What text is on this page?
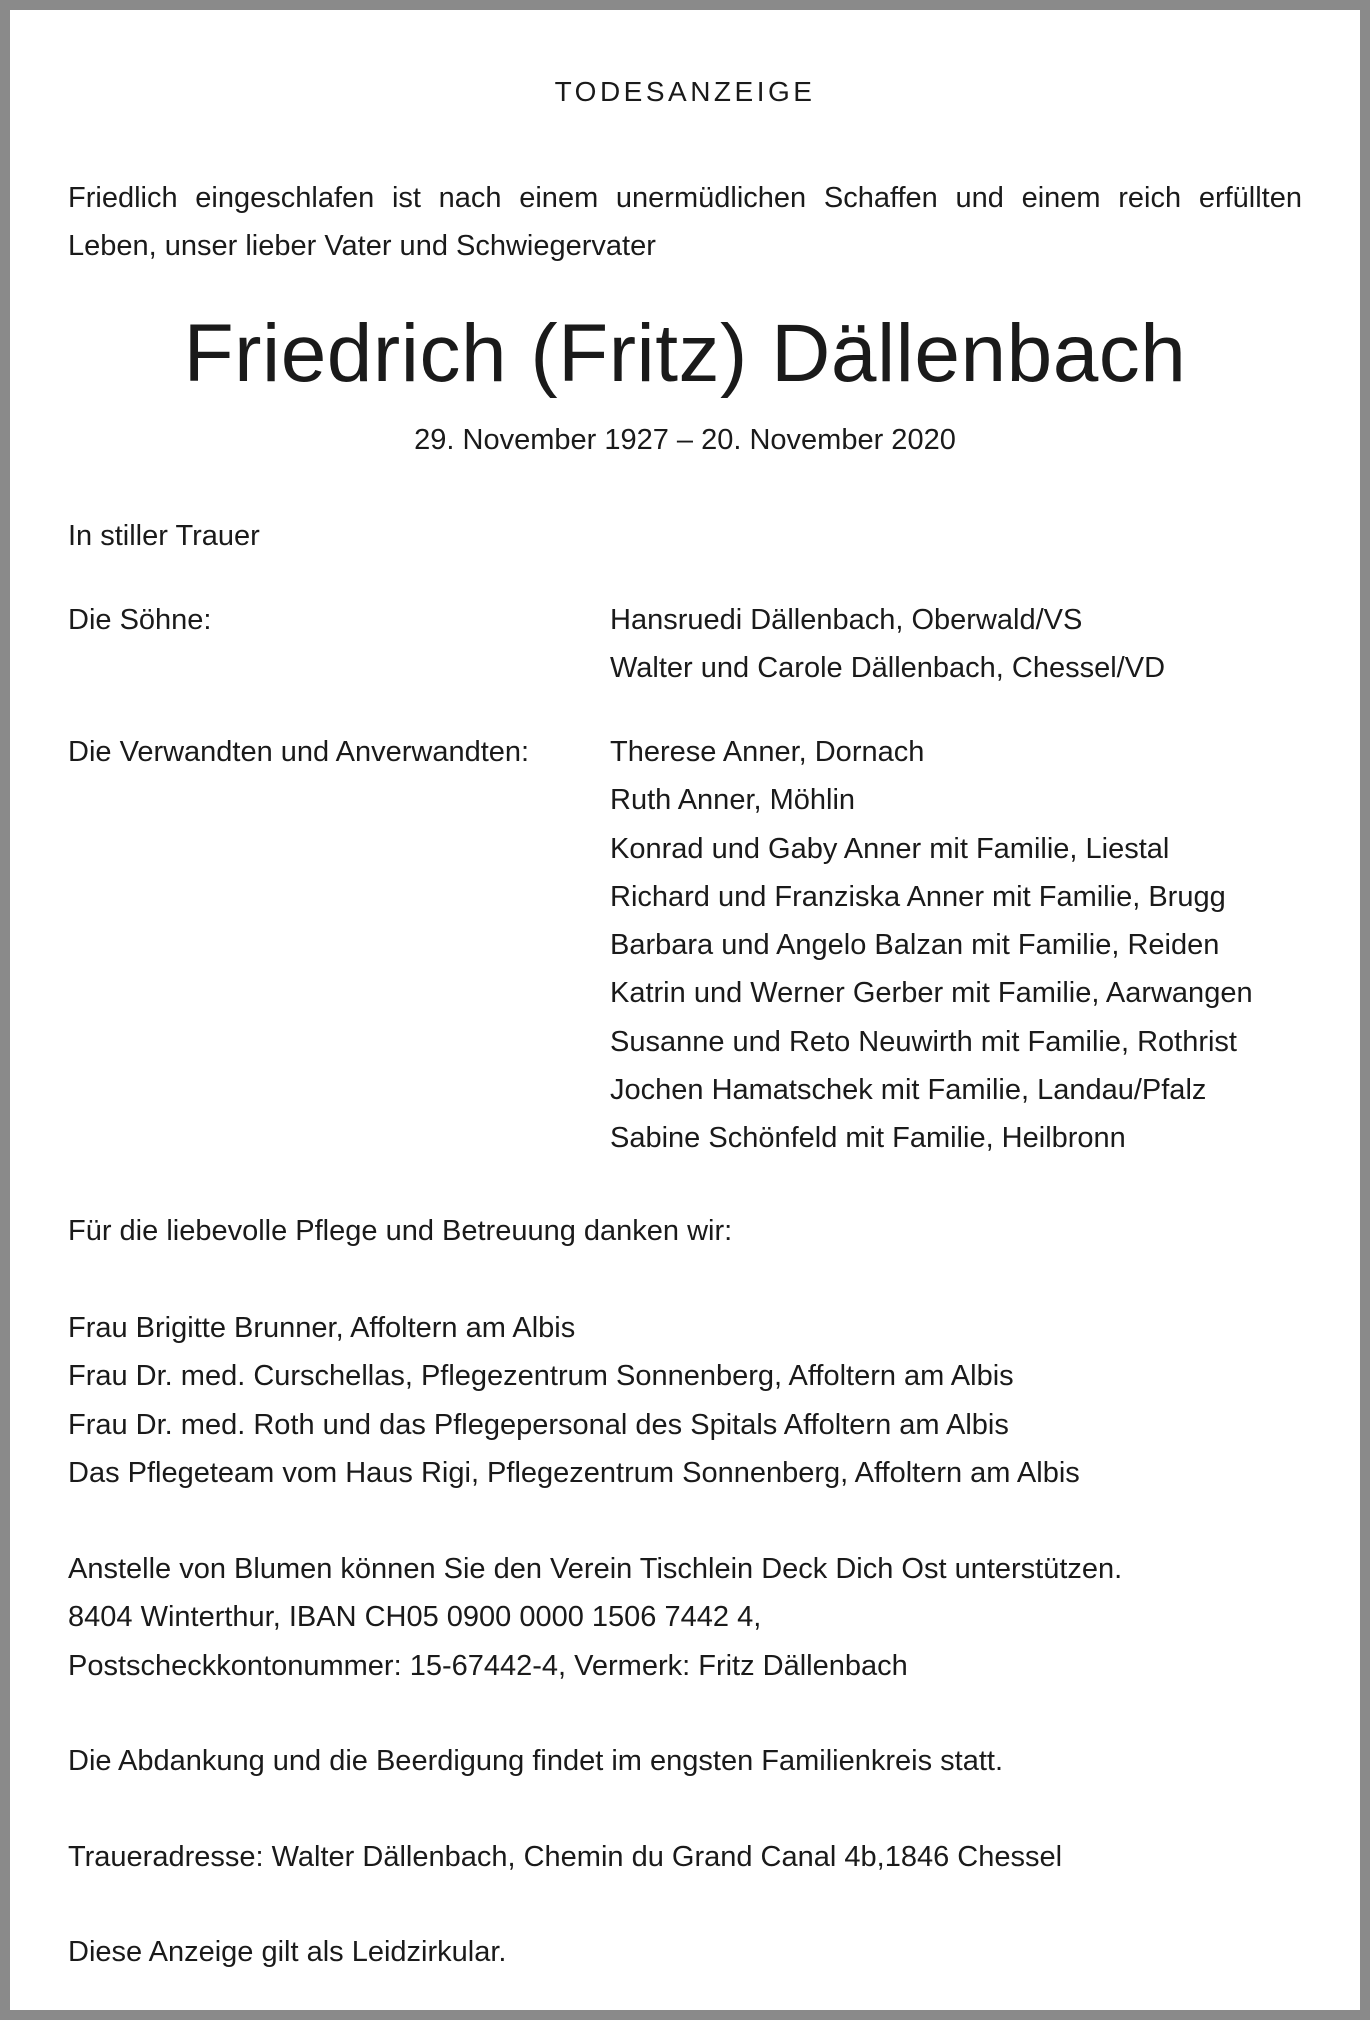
TODESANZEIGE
Friedlich eingeschlafen ist nach einem unermüdlichen Schaffen und einem reich erfüllten Leben, unser lieber Vater und Schwiegervater
Friedrich (Fritz) Dällenbach
29. November 1927 – 20. November 2020
In stiller Trauer
Die Söhne:	Hansruedi Dällenbach, Oberwald/VS
Walter und Carole Dällenbach, Chessel/VD
Die Verwandten und Anverwandten:	Therese Anner, Dornach
Ruth Anner, Möhlin
Konrad und Gaby Anner mit Familie, Liestal
Richard und Franziska Anner mit Familie, Brugg
Barbara und Angelo Balzan mit Familie, Reiden
Katrin und Werner Gerber mit Familie, Aarwangen
Susanne und Reto Neuwirth mit Familie, Rothrist
Jochen Hamatschek mit Familie, Landau/Pfalz
Sabine Schönfeld mit Familie, Heilbronn
Für die liebevolle Pflege und Betreuung danken wir:
Frau Brigitte Brunner, Affoltern am Albis
Frau Dr. med. Curschellas, Pflegezentrum Sonnenberg, Affoltern am Albis
Frau Dr. med. Roth und das Pflegepersonal des Spitals Affoltern am Albis
Das Pflegeteam vom Haus Rigi, Pflegezentrum Sonnenberg, Affoltern am Albis
Anstelle von Blumen können Sie den Verein Tischlein Deck Dich Ost unterstützen.
8404 Winterthur, IBAN CH05 0900 0000 1506 7442 4,
Postscheckkontonummer: 15-67442-4, Vermerk: Fritz Dällenbach
Die Abdankung und die Beerdigung findet im engsten Familienkreis statt.
Traueradresse: Walter Dällenbach, Chemin du Grand Canal 4b,1846 Chessel
Diese Anzeige gilt als Leidzirkular.
